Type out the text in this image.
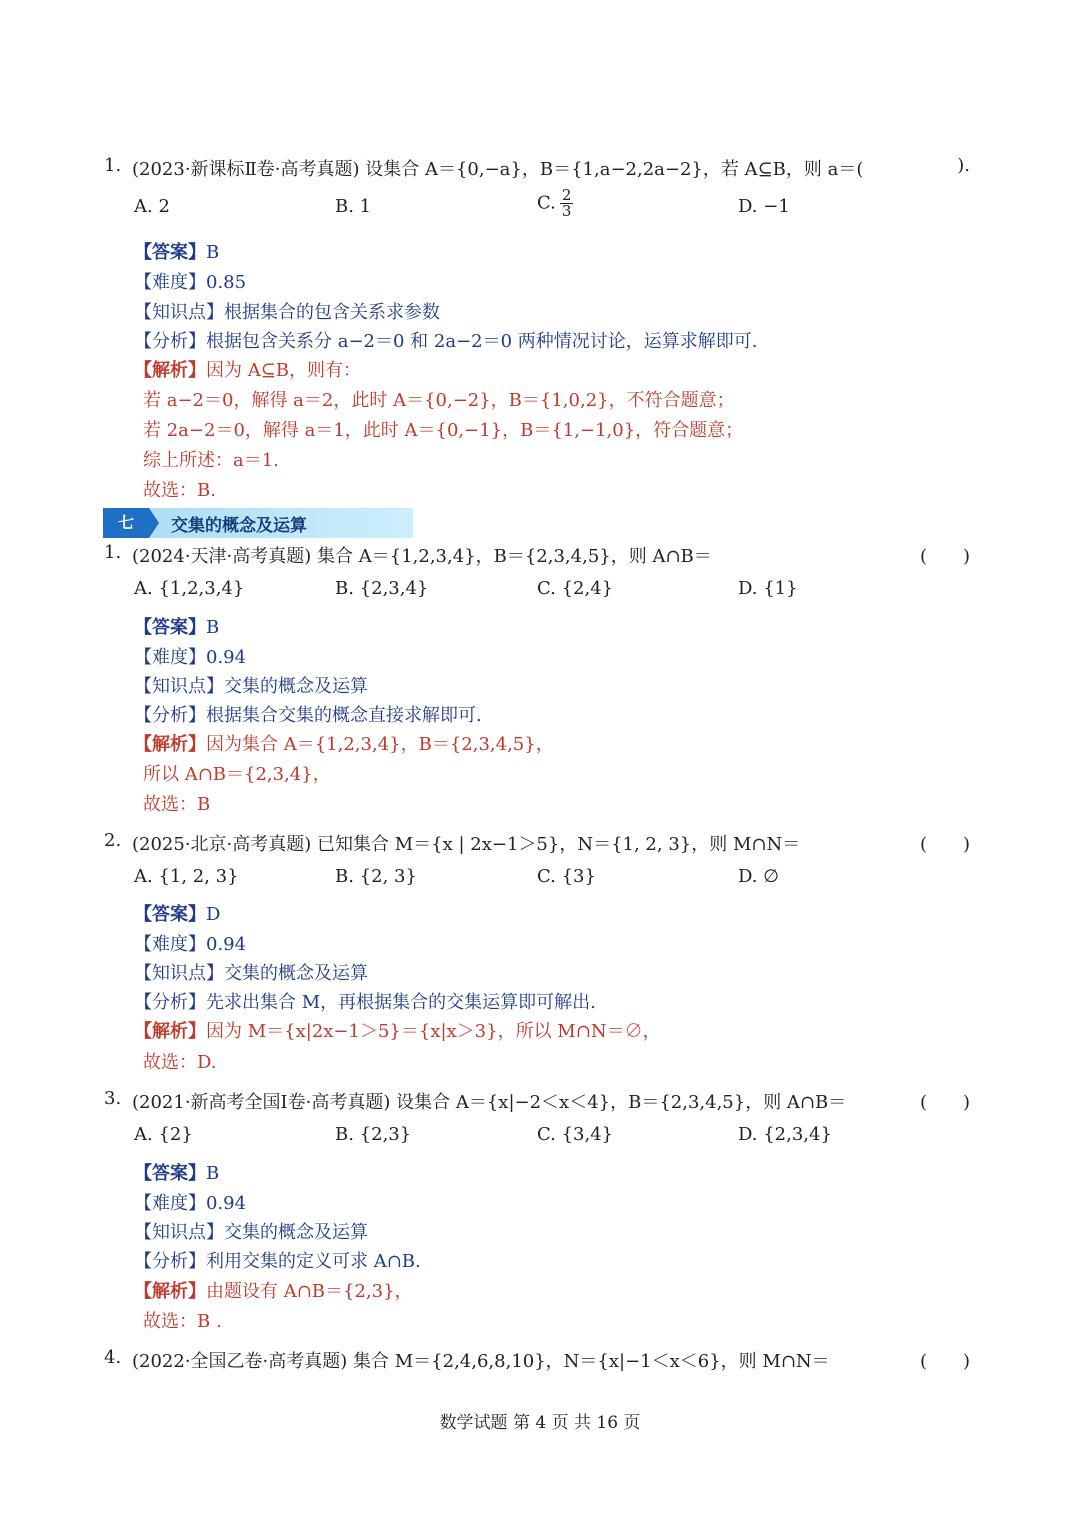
1. (2023·新课标Ⅱ卷·高考真题) 设集合 A＝{0,−a}，B＝{1,a−2,2a−2}，若 A⊆B，则 a＝(	).
A. 2	B. 1	C. $\frac{2}{3}$	D. −1
【答案】B
【难度】0.85
【知识点】根据集合的包含关系求参数
【分析】根据包含关系分 a−2＝0 和 2a−2＝0 两种情况讨论，运算求解即可.
【解析】因为 A⊆B，则有：
若 a−2＝0，解得 a＝2，此时 A＝{0,−2}，B＝{1,0,2}，不符合题意；
若 2a−2＝0，解得 a＝1，此时 A＝{0,−1}，B＝{1,−1,0}，符合题意；
综上所述：a＝1.
故选：B.
七	交集的概念及运算
1. (2024·天津·高考真题) 集合 A＝{1,2,3,4}，B＝{2,3,4,5}，则 A∩B＝	(　　)
A. {1,2,3,4}	B. {2,3,4}	C. {2,4}	D. {1}
【答案】B
【难度】0.94
【知识点】交集的概念及运算
【分析】根据集合交集的概念直接求解即可.
【解析】因为集合 A＝{1,2,3,4}，B＝{2,3,4,5}，
所以 A∩B＝{2,3,4}，
故选：B
2. (2025·北京·高考真题) 已知集合 M＝{x | 2x−1＞5}，N＝{1, 2, 3}，则 M∩N＝	(　　)
A. {1, 2, 3}	B. {2, 3}	C. {3}	D. ∅
【答案】D
【难度】0.94
【知识点】交集的概念及运算
【分析】先求出集合 M，再根据集合的交集运算即可解出.
【解析】因为 M＝{x|2x−1＞5}＝{x|x＞3}，所以 M∩N＝∅，
故选：D.
3. (2021·新高考全国Ⅰ卷·高考真题) 设集合 A＝{x|−2＜x＜4}，B＝{2,3,4,5}，则 A∩B＝	(　　)
A. {2}	B. {2,3}	C. {3,4}	D. {2,3,4}
【答案】B
【难度】0.94
【知识点】交集的概念及运算
【分析】利用交集的定义可求 A∩B.
【解析】由题设有 A∩B＝{2,3}，
故选：B .
4. (2022·全国乙卷·高考真题) 集合 M＝{2,4,6,8,10}，N＝{x|−1＜x＜6}，则 M∩N＝	(　　)
数学试题 第 4 页 共 16 页
